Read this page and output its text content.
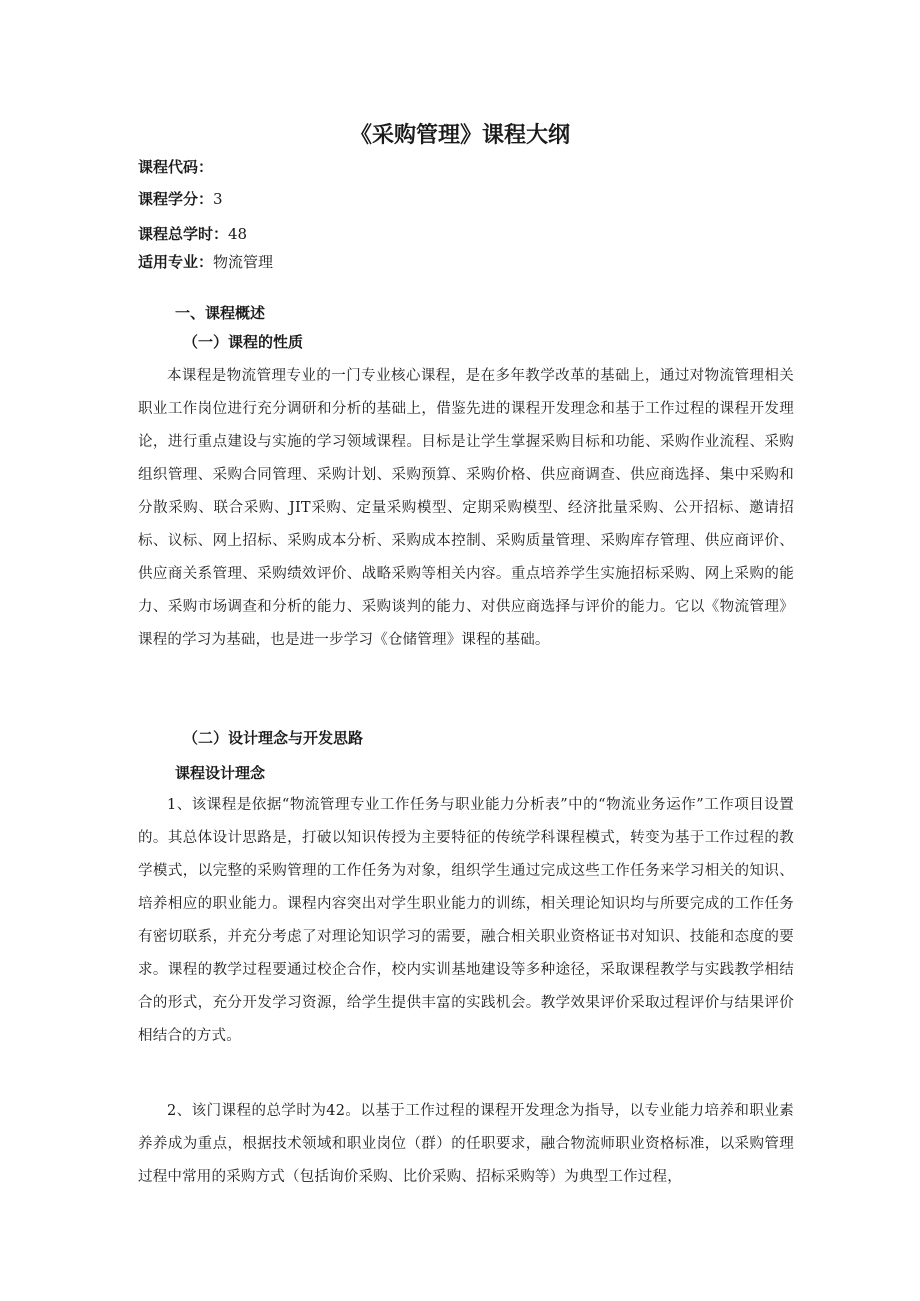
《采购管理》课程大纲
课程代码：
课程学分：3
课程总学时：48
适用专业：物流管理
一、课程概述
（一）课程的性质
本课程是物流管理专业的一门专业核心课程，是在多年教学改革的基础上，通过对物流管理相关职业工作岗位进行充分调研和分析的基础上，借鉴先进的课程开发理念和基于工作过程的课程开发理论，进行重点建设与实施的学习领域课程。目标是让学生掌握采购目标和功能、采购作业流程、采购组织管理、采购合同管理、采购计划、采购预算、采购价格、供应商调查、供应商选择、集中采购和分散采购、联合采购、JIT采购、定量采购模型、定期采购模型、经济批量采购、公开招标、邀请招标、议标、网上招标、采购成本分析、采购成本控制、采购质量管理、采购库存管理、供应商评价、供应商关系管理、采购绩效评价、战略采购等相关内容。重点培养学生实施招标采购、网上采购的能力、采购市场调查和分析的能力、采购谈判的能力、对供应商选择与评价的能力。它以《物流管理》课程的学习为基础，也是进一步学习《仓储管理》课程的基础。
（二）设计理念与开发思路
课程设计理念
1、该课程是依据“物流管理专业工作任务与职业能力分析表”中的“物流业务运作”工作项目设置的。其总体设计思路是，打破以知识传授为主要特征的传统学科课程模式，转变为基于工作过程的教学模式，以完整的采购管理的工作任务为对象，组织学生通过完成这些工作任务来学习相关的知识、培养相应的职业能力。课程内容突出对学生职业能力的训练，相关理论知识均与所要完成的工作任务有密切联系，并充分考虑了对理论知识学习的需要，融合相关职业资格证书对知识、技能和态度的要求。课程的教学过程要通过校企合作，校内实训基地建设等多种途径，采取课程教学与实践教学相结合的形式，充分开发学习资源，给学生提供丰富的实践机会。教学效果评价采取过程评价与结果评价相结合的方式。
2、该门课程的总学时为42。以基于工作过程的课程开发理念为指导，以专业能力培养和职业素养养成为重点，根据技术领域和职业岗位（群）的任职要求，融合物流师职业资格标准，以采购管理过程中常用的采购方式（包括询价采购、比价采购、招标采购等）为典型工作过程，
